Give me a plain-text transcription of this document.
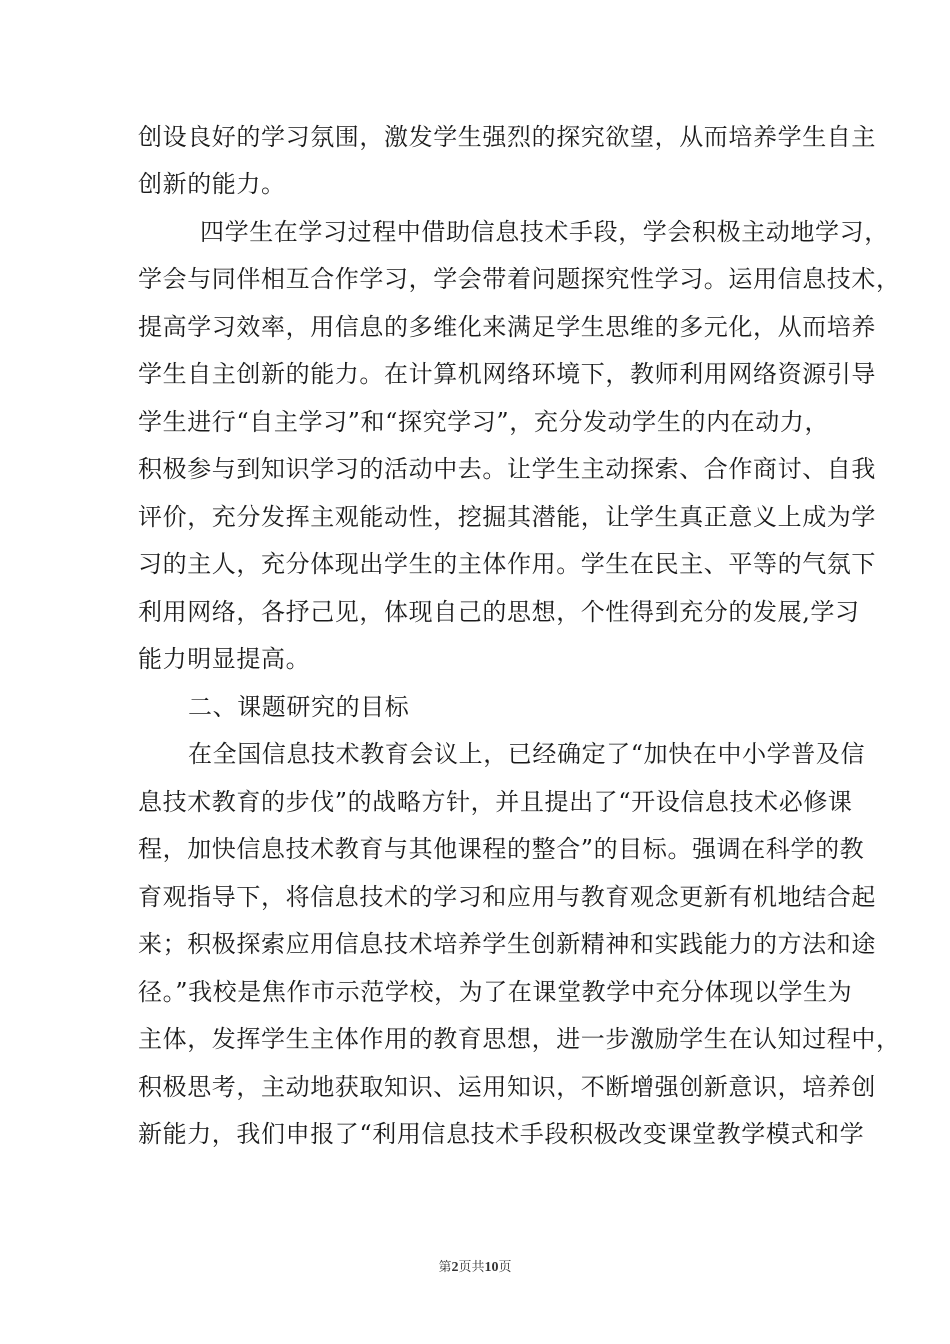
创设良好的学习氛围，激发学生强烈的探究欲望，从而培养学生自主
创新的能力。
四学生在学习过程中借助信息技术手段，学会积极主动地学习，
学会与同伴相互合作学习，学会带着问题探究性学习。运用信息技术，
提高学习效率，用信息的多维化来满足学生思维的多元化，从而培养
学生自主创新的能力。在计算机网络环境下，教师利用网络资源引导
学生进行“自主学习”和“探究学习”，充分发动学生的内在动力，
积极参与到知识学习的活动中去。让学生主动探索、合作商讨、自我
评价，充分发挥主观能动性，挖掘其潜能，让学生真正意义上成为学
习的主人，充分体现出学生的主体作用。学生在民主、平等的气氛下
利用网络，各抒己见，体现自己的思想，个性得到充分的发展,学习
能力明显提高。
二、课题研究的目标
在全国信息技术教育会议上，已经确定了“加快在中小学普及信
息技术教育的步伐”的战略方针，并且提出了“开设信息技术必修课
程，加快信息技术教育与其他课程的整合”的目标。强调在科学的教
育观指导下，将信息技术的学习和应用与教育观念更新有机地结合起
来；积极探索应用信息技术培养学生创新精神和实践能力的方法和途
径。”我校是焦作市示范学校，为了在课堂教学中充分体现以学生为
主体，发挥学生主体作用的教育思想，进一步激励学生在认知过程中，
积极思考，主动地获取知识、运用知识，不断增强创新意识，培养创
新能力，我们申报了“利用信息技术手段积极改变课堂教学模式和学
第2页共10页
